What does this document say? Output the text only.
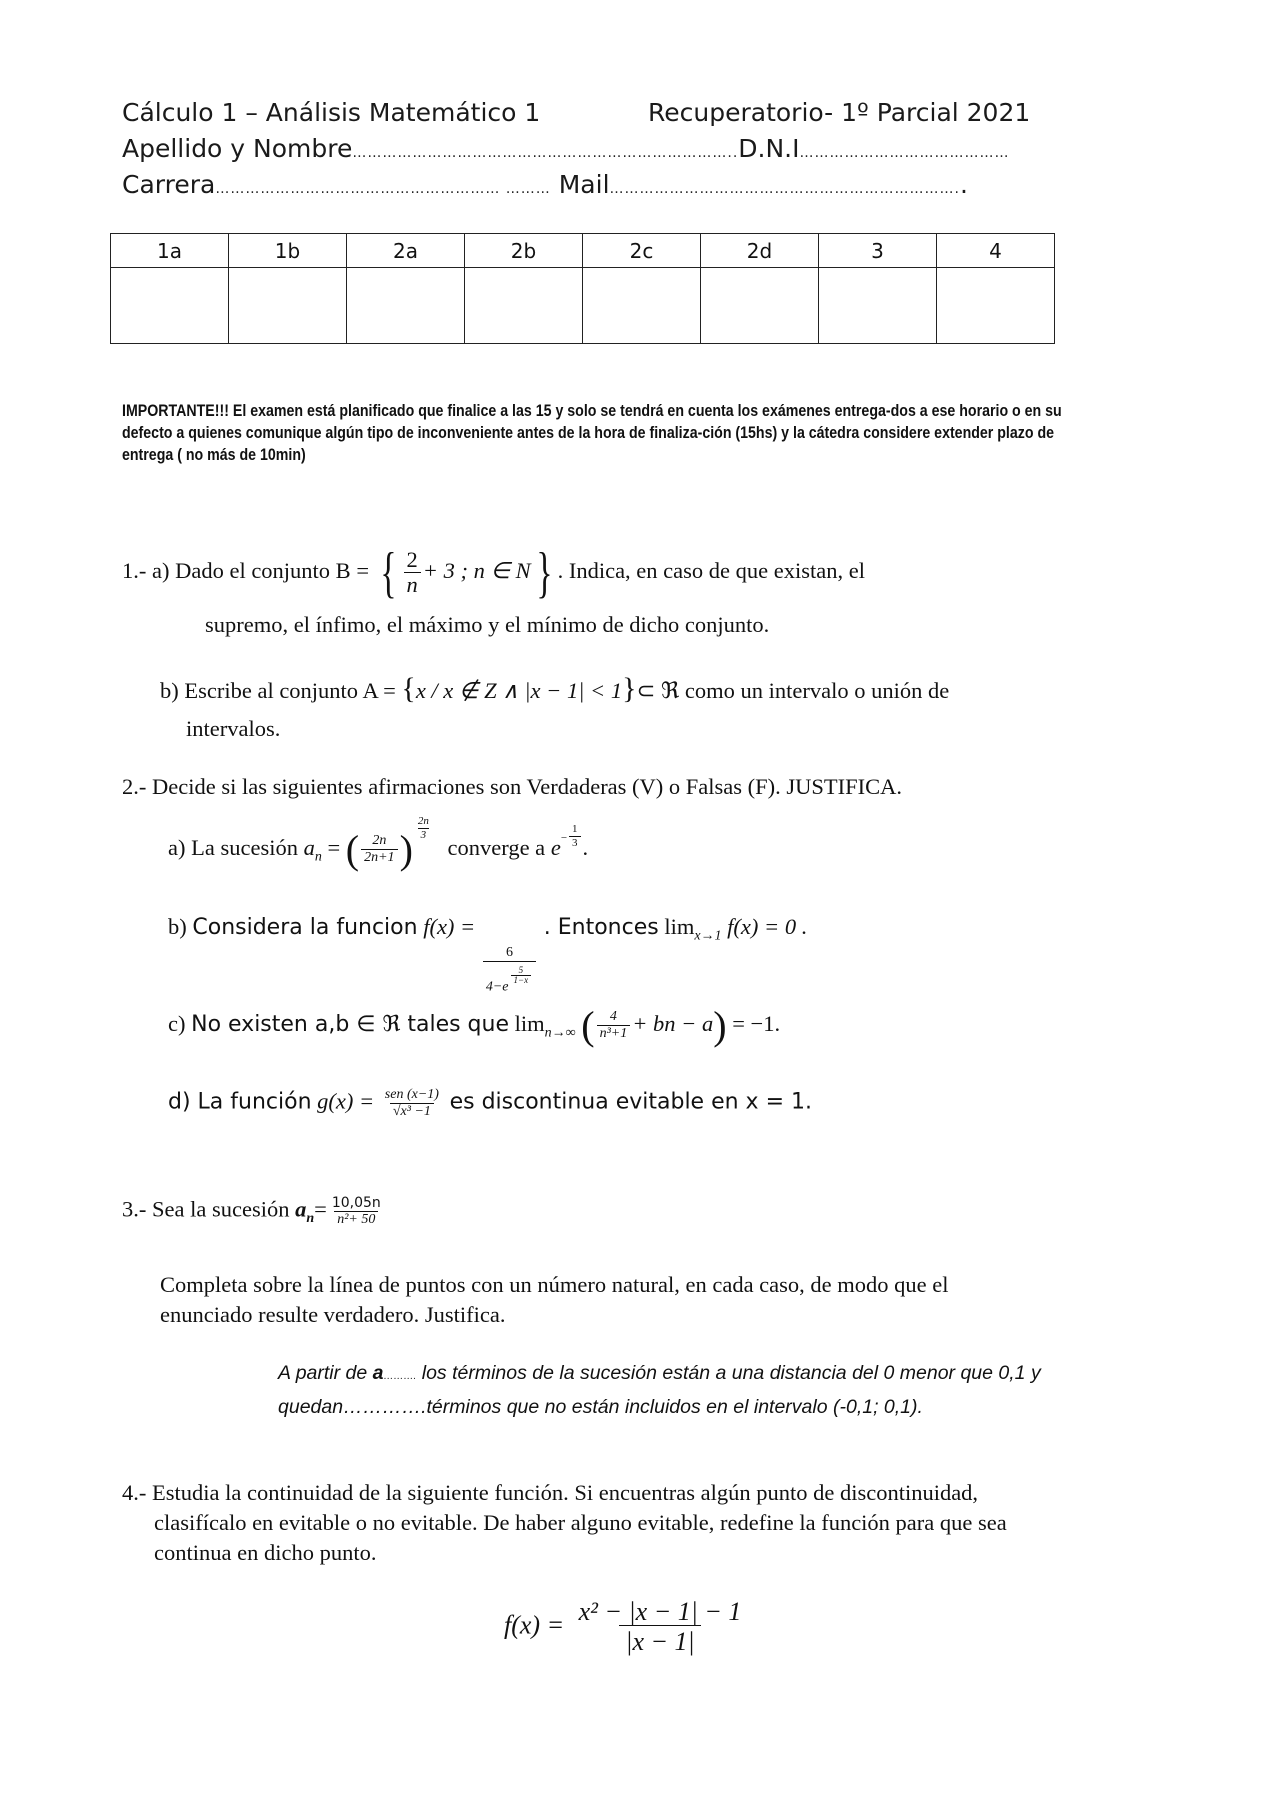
Cálculo 1 – Análisis Matemático 1	Recuperatorio- 1º Parcial 2021
Apellido y Nombre…………………………………………………………………..D.N.I……………………………………
Carrera………………………………………………… ……… Mail……………………………………………………………..
1a	1b	2a	2b	2c	2d	3	4

IMPORTANTE!!! El examen está planificado que finalice a las 15 y solo se tendrá en cuenta los exámenes entrega-dos a ese horario o en su defecto a quienes comunique algún tipo de inconveniente antes de la hora de finaliza-ción (15hs) y la cátedra considere extender plazo de entrega ( no más de 10min)
1.- a) Dado el conjunto B = { $\frac{2}{n} + 3$ ; n ∈ N} . Indica, en caso de que existan, el
supremo, el ínfimo, el máximo y el mínimo de dicho conjunto.
b) Escribe al conjunto A = {x / x ∉ Z ∧ |x − 1| < 1}⊂ ℜ como un intervalo o unión de
intervalos.
2.- Decide si las siguientes afirmaciones son Verdaderas (V) o Falsas (F). JUSTIFICA.
a) La sucesión $a_n$ = ( $\frac{2n}{2n+1}$ ) $^{\frac{2n}{3}}$
converge a $e^{- \frac{1}{3}}$ .
b) Considera la funcion f(x) =
6
4−e
$^{\frac{5}{1-x}}$
. Entonces $\lim_{x\to 1} f(x) = 0$ .
c) No existen a,b ∈ ℜ tales que $\lim_{n\to\infty}$ ( $\frac{4}{\text{n³+1}}$ + bn − a) = −1.
d) La función $g(x) = \frac{\text{sen (x−1)}}{\text{√x³ −1}}$ es discontinua evitable en x = 1.
3.- Sea la sucesión $a_n= \frac{10,05n}{\text{n²+ 50}}$
Completa sobre la línea de puntos con un número natural, en cada caso, de modo que el
enunciado resulte verdadero. Justifica.
A partir de a………. los términos de la sucesión están a una distancia del 0 menor que 0,1 y
quedan………….términos que no están incluidos en el intervalo (-0,1; 0,1).
4.- Estudia la continuidad de la siguiente función. Si encuentras algún punto de discontinuidad,
clasifícalo en evitable o no evitable. De haber alguno evitable, redefine la función para que sea
continua en dicho punto.
$f(x) = \frac{\text{x² − |x − 1| − 1}}{|x - 1|}$
